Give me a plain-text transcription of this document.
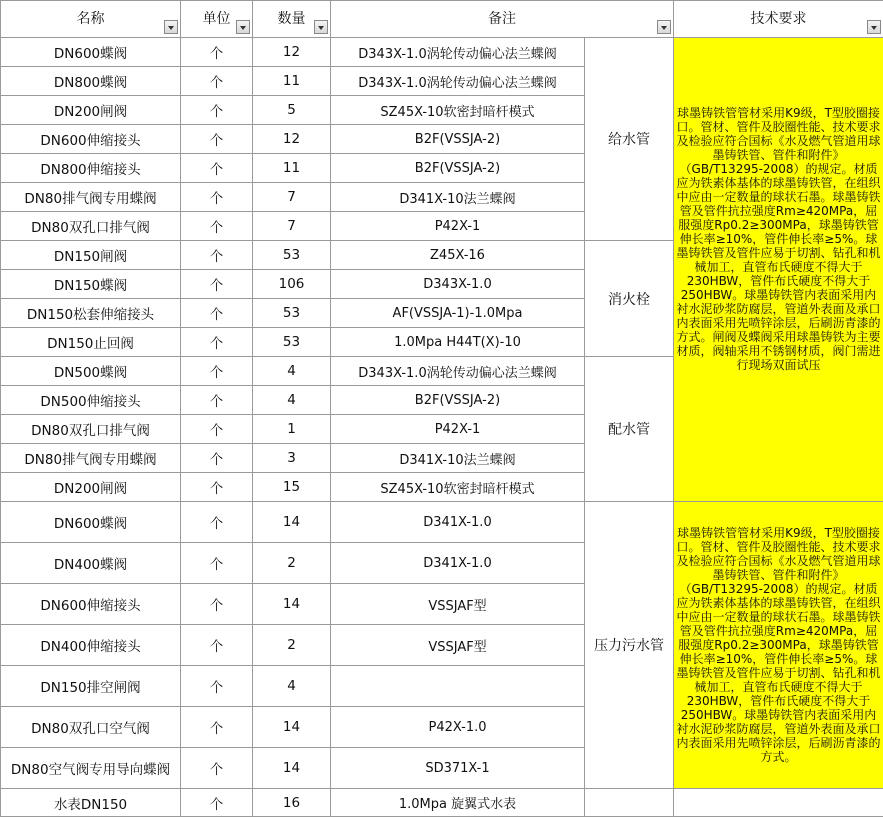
名称	单位	数量	备注		技术要求

DN600蝶阀	个	12	D343X-1.0涡轮传动偏心法兰蝶阀	给水管	球墨铸铁管管材采用K9级，T型胶圈接口。管材、管件及胶圈性能、技术要求及检验应符合国标《水及燃气管道用球墨铸铁管、管件和附件》（GB/T13295-2008）的规定。材质应为铁素体基体的球墨铸铁管，在组织中应由一定数量的球状石墨。球墨铸铁管及管件抗拉强度Rm≥420MPa，屈服强度Rp0.2≥300MPa，球墨铸铁管伸长率≥10%，管件伸长率≥5%。球墨铸铁管及管件应易于切割、钻孔和机械加工，直管布氏硬度不得大于230HBW，管件布氏硬度不得大于250HBW。球墨铸铁管内表面采用内衬水泥砂浆防腐层，管道外表面及承口内表面采用先喷锌涂层，后刷沥青漆的方式。闸阀及蝶阀采用球墨铸铁为主要材质，阀轴采用不锈钢材质，阀门需进行现场双面试压
DN800蝶阀	个	11	D343X-1.0涡轮传动偏心法兰蝶阀		
DN200闸阀	个	5	SZ45X-10软密封暗杆模式		
DN600伸缩接头	个	12	B2F(VSSJA-2)		
DN800伸缩接头	个	11	B2F(VSSJA-2)		
DN80排气阀专用蝶阀	个	7	D341X-10法兰蝶阀		
DN80双孔口排气阀	个	7	P42X-1		
DN150闸阀	个	53	Z45X-16	消火栓	
DN150蝶阀	个	106	D343X-1.0		
DN150松套伸缩接头	个	53	AF(VSSJA-1)-1.0Mpa		
DN150止回阀	个	53	1.0Mpa H44T(X)-10		
DN500蝶阀	个	4	D343X-1.0涡轮传动偏心法兰蝶阀	配水管	
DN500伸缩接头	个	4	B2F(VSSJA-2)		
DN80双孔口排气阀	个	1	P42X-1		
DN80排气阀专用蝶阀	个	3	D341X-10法兰蝶阀		
DN200闸阀	个	15	SZ45X-10软密封暗杆模式		
DN600蝶阀	个	14	D341X-1.0	压力污水管	球墨铸铁管管材采用K9级，T型胶圈接口。管材、管件及胶圈性能、技术要求及检验应符合国标《水及燃气管道用球墨铸铁管、管件和附件》（GB/T13295-2008）的规定。材质应为铁素体基体的球墨铸铁管，在组织中应由一定数量的球状石墨。球墨铸铁管及管件抗拉强度Rm≥420MPa，屈服强度Rp0.2≥300MPa，球墨铸铁管伸长率≥10%，管件伸长率≥5%。球墨铸铁管及管件应易于切割、钻孔和机械加工，直管布氏硬度不得大于230HBW，管件布氏硬度不得大于250HBW。球墨铸铁管内表面采用内衬水泥砂浆防腐层，管道外表面及承口内表面采用先喷锌涂层，后刷沥青漆的方式。
DN400蝶阀	个	2	D341X-1.0		
DN600伸缩接头	个	14	VSSJAF型		
DN400伸缩接头	个	2	VSSJAF型		
DN150排空闸阀	个	4			
DN80双孔口空气阀	个	14	P42X-1.0		
DN80空气阀专用导向蝶阀	个	14	SD371X-1		
水表DN150	个	16	1.0Mpa 旋翼式水表		
